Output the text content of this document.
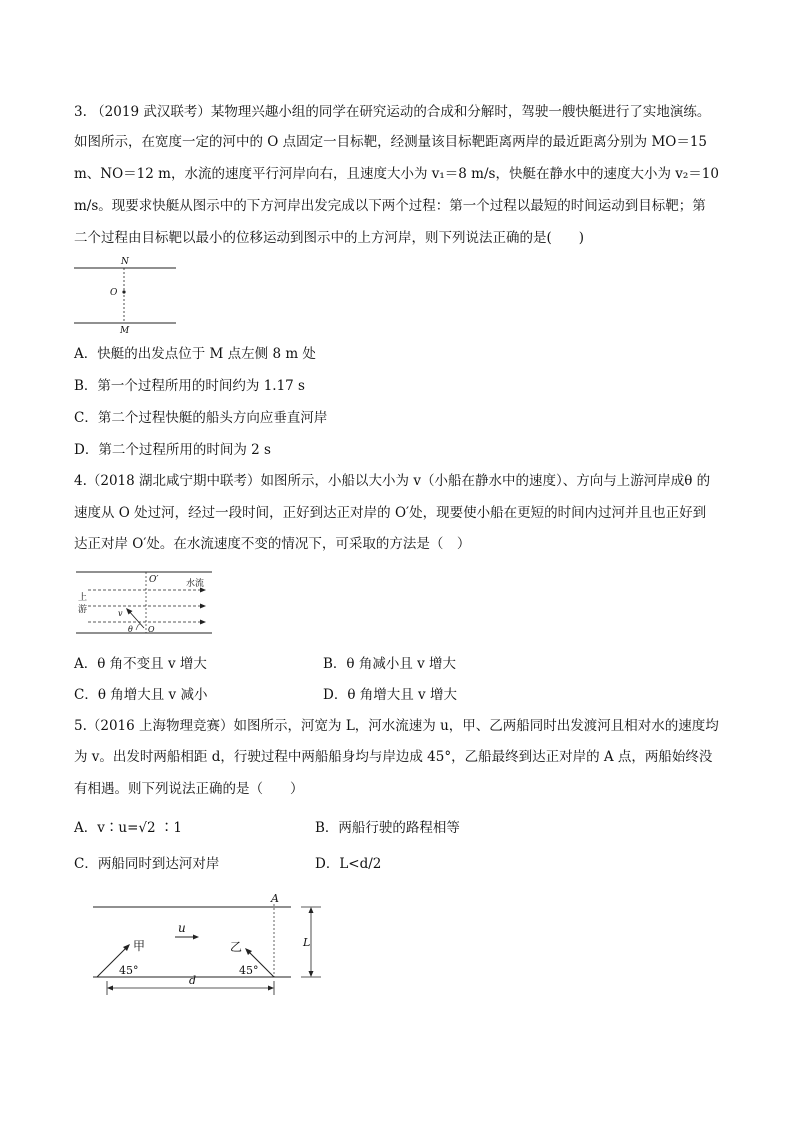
3. （2019 武汉联考）某物理兴趣小组的同学在研究运动的合成和分解时，驾驶一艘快艇进行了实地演练。
如图所示，在宽度一定的河中的 O 点固定一目标靶，经测量该目标靶距离两岸的最近距离分别为 MO＝15
m、NO＝12 m，水流的速度平行河岸向右，且速度大小为 v₁＝8 m/s，快艇在静水中的速度大小为 v₂＝10
m/s。现要求快艇从图示中的下方河岸出发完成以下两个过程：第一个过程以最短的时间运动到目标靶；第
二个过程由目标靶以最小的位移运动到图示中的上方河岸，则下列说法正确的是(　　)
N
O
M
A．快艇的出发点位于 M 点左侧 8 m 处
B．第一个过程所用的时间约为 1.17 s
C．第二个过程快艇的船头方向应垂直河岸
D．第二个过程所用的时间为 2 s
4.（2018 湖北咸宁期中联考）如图所示，小船以大小为 v（小船在静水中的速度）、方向与上游河岸成θ 的
速度从 O 处过河，经过一段时间，正好到达正对岸的 O′处，现要使小船在更短的时间内过河并且也正好到
达正对岸 O′处。在水流速度不变的情况下，可采取的方法是（　）
O′	水流
上
游	v
θ O
A．θ 角不变且 v 增大	B．θ 角减小且 v 增大
C．θ 角增大且 v 减小	D．θ 角增大且 v 增大
5.（2016 上海物理竞赛）如图所示，河宽为 L，河水流速为 u，甲、乙两船同时出发渡河且相对水的速度均
为 v。出发时两船相距 d，行驶过程中两船船身均与岸边成 45°，乙船最终到达正对岸的 A 点，两船始终没
有相遇。则下列说法正确的是（　　）
A．v∶u=√2 ∶1	B．两船行驶的路程相等
C．两船同时到达河对岸	D．L<d/2
A
u
甲	乙
45°	45°
L
d
